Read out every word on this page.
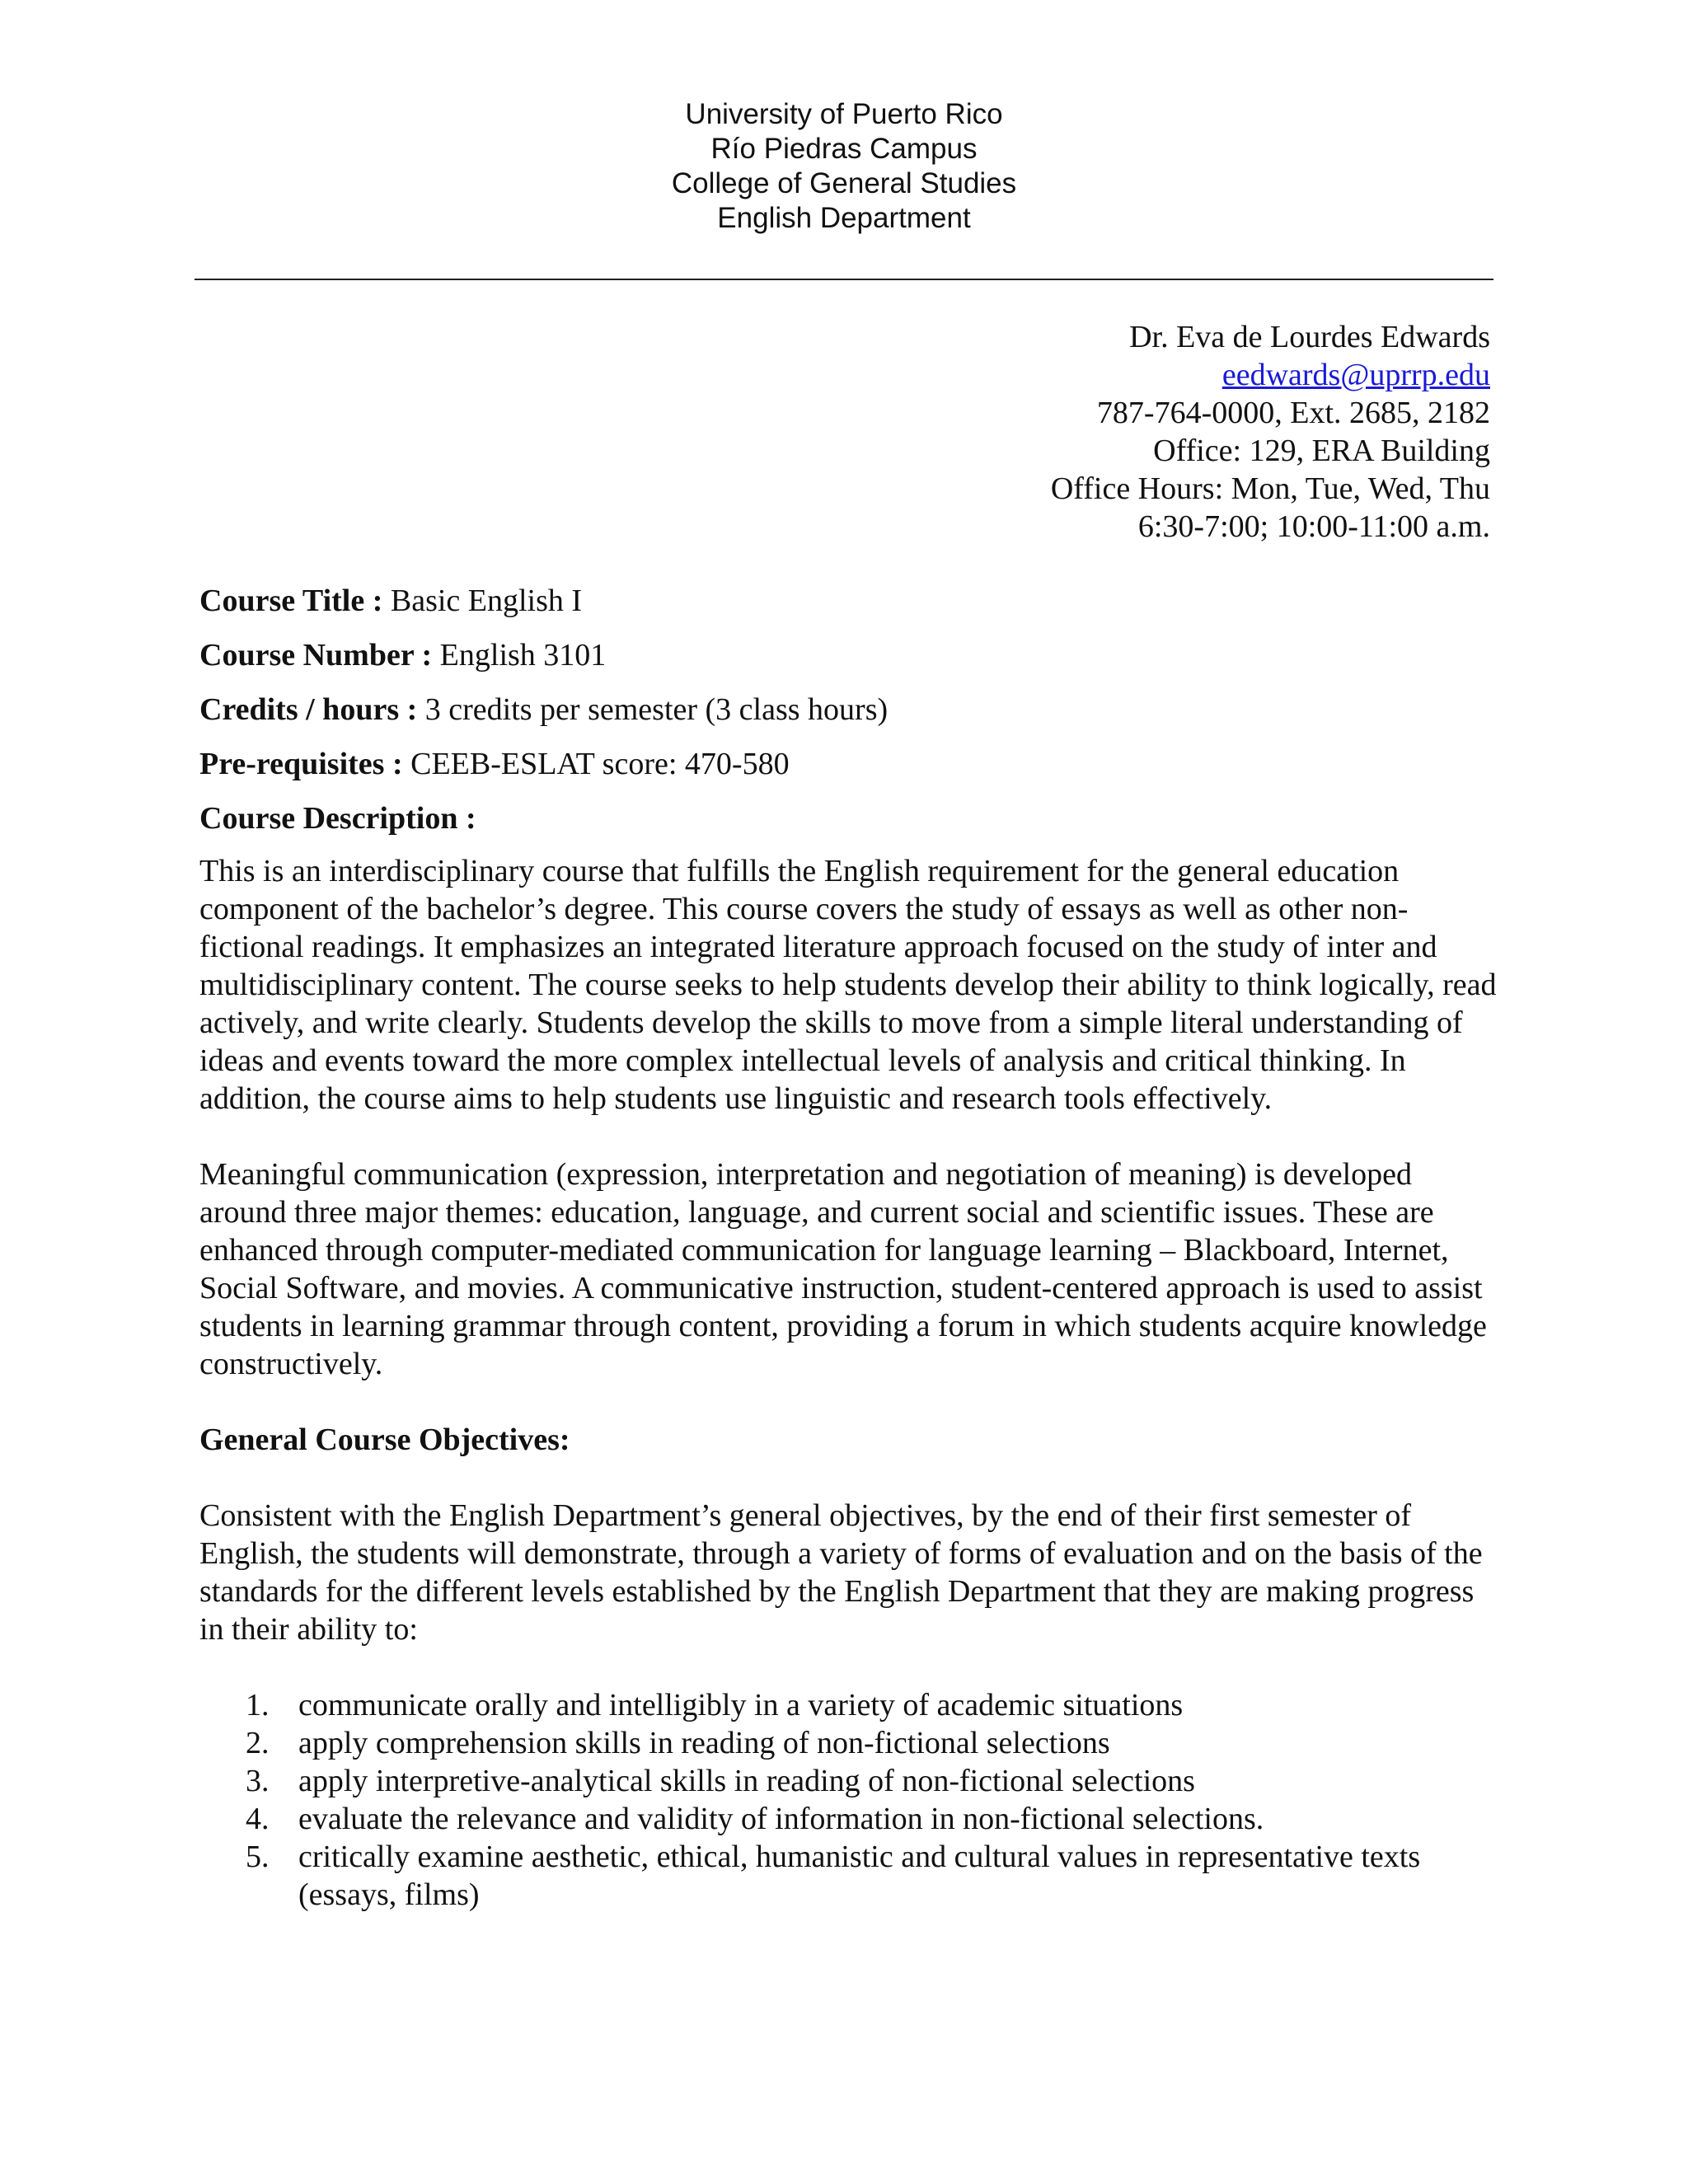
University of Puerto Rico
Río Piedras Campus
College of General Studies
English Department
Dr. Eva de Lourdes Edwards
eedwards@uprrp.edu
787-764-0000, Ext. 2685, 2182
Office: 129, ERA Building
Office Hours: Mon, Tue, Wed, Thu
6:30-7:00; 10:00-11:00 a.m.
Course Title : Basic English I
Course Number : English 3101
Credits / hours : 3 credits per semester (3 class hours)
Pre-requisites : CEEB-ESLAT score: 470-580
Course Description :

This is an interdisciplinary course that fulfills the English requirement for the general education component of the bachelor’s degree. This course covers the study of essays as well as other non-fictional readings. It emphasizes an integrated literature approach focused on the study of inter and multidisciplinary content. The course seeks to help students develop their ability to think logically, read actively, and write clearly. Students develop the skills to move from a simple literal understanding of ideas and events toward the more complex intellectual levels of analysis and critical thinking. In addition, the course aims to help students use linguistic and research tools effectively.

Meaningful communication (expression, interpretation and negotiation of meaning) is developed around three major themes: education, language, and current social and scientific issues. These are enhanced through computer-mediated communication for language learning – Blackboard, Internet, Social Software, and movies. A communicative instruction, student-centered approach is used to assist students in learning grammar through content, providing a forum in which students acquire knowledge constructively.

General Course Objectives:

Consistent with the English Department’s general objectives, by the end of their first semester of English, the students will demonstrate, through a variety of forms of evaluation and on the basis of the standards for the different levels established by the English Department that they are making progress in their ability to:

1. communicate orally and intelligibly in a variety of academic situations
2. apply comprehension skills in reading of non-fictional selections
3. apply interpretive-analytical skills in reading of non-fictional selections
4. evaluate the relevance and validity of information in non-fictional selections.
5. critically examine aesthetic, ethical, humanistic and cultural values in representative texts (essays, films)
